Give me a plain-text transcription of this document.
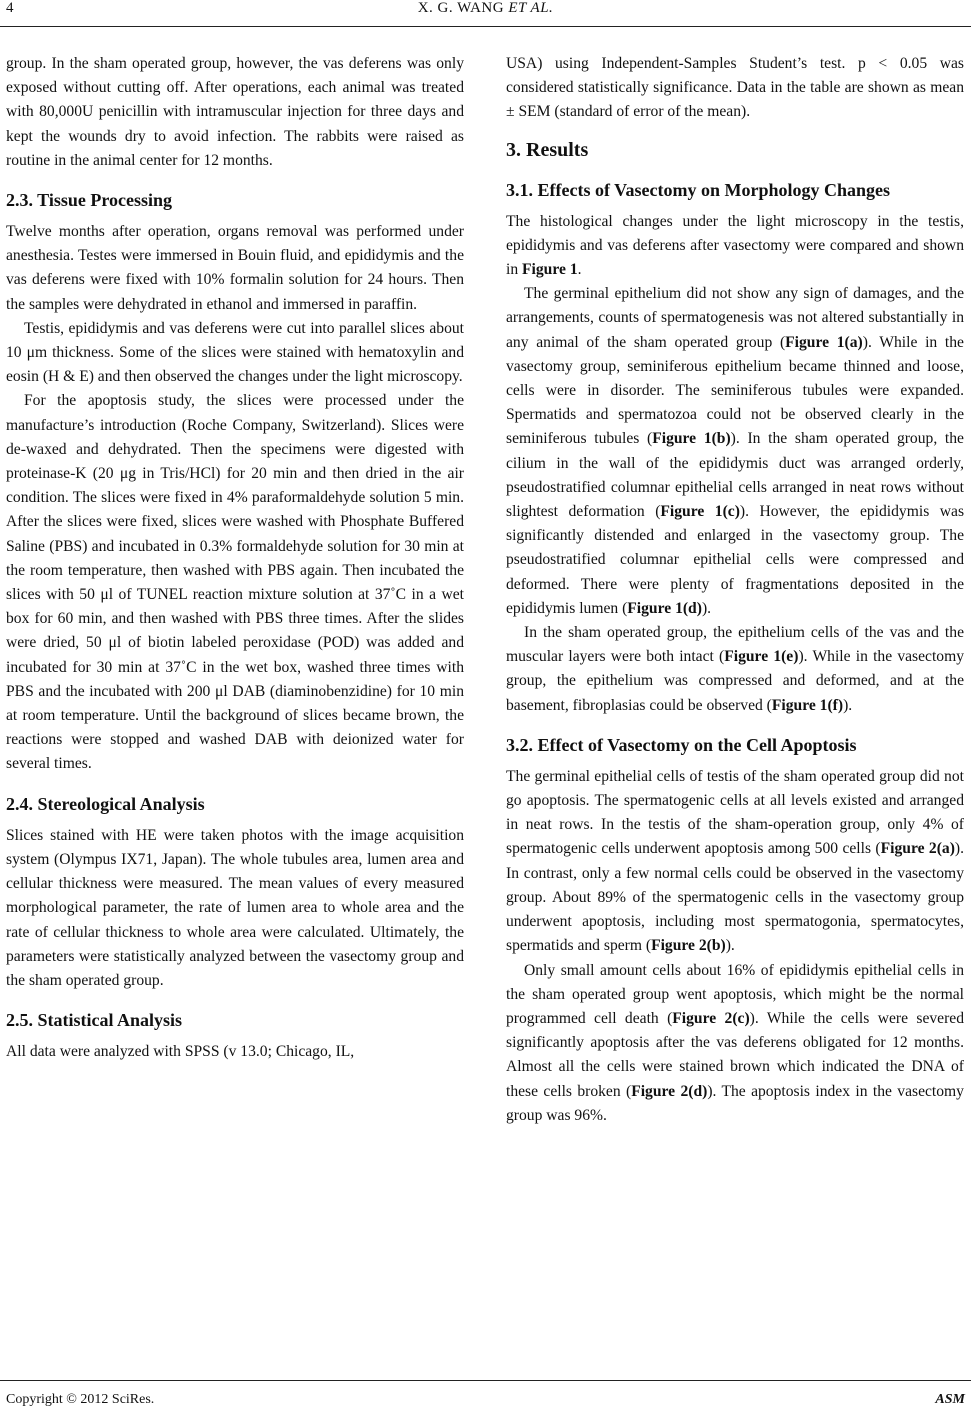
4	X. G. WANG ET AL.

group. In the sham operated group, however, the vas deferens was only exposed without cutting off. After operations, each animal was treated with 80,000U penicillin with intramuscular injection for three days and kept the wounds dry to avoid infection. The rabbits were raised as routine in the animal center for 12 months.

2.3. Tissue Processing

Twelve months after operation, organs removal was performed under anesthesia. Testes were immersed in Bouin fluid, and epididymis and the vas deferens were fixed with 10% formalin solution for 24 hours. Then the samples were dehydrated in ethanol and immersed in paraffin.

Testis, epididymis and vas deferens were cut into parallel slices about 10 μm thickness. Some of the slices were stained with hematoxylin and eosin (H & E) and then observed the changes under the light microscopy.

For the apoptosis study, the slices were processed under the manufacture’s introduction (Roche Company, Switzerland). Slices were de-waxed and dehydrated. Then the specimens were digested with proteinase-K (20 μg in Tris/HCl) for 20 min and then dried in the air condition. The slices were fixed in 4% paraformaldehyde solution 5 min. After the slices were fixed, slices were washed with Phosphate Buffered Saline (PBS) and incubated in 0.3% formaldehyde solution for 30 min at the room temperature, then washed with PBS again. Then incubated the slices with 50 μl of TUNEL reaction mixture solution at 37˚C in a wet box for 60 min, and then washed with PBS three times. After the slides were dried, 50 μl of biotin labeled peroxidase (POD) was added and incubated for 30 min at 37˚C in the wet box, washed three times with PBS and the incubated with 200 μl DAB (diaminobenzidine) for 10 min at room temperature. Until the background of slices became brown, the reactions were stopped and washed DAB with deionized water for several times.

2.4. Stereological Analysis

Slices stained with HE were taken photos with the image acquisition system (Olympus IX71, Japan). The whole tubules area, lumen area and cellular thickness were measured. The mean values of every measured morphological parameter, the rate of lumen area to whole area and the rate of cellular thickness to whole area were calculated. Ultimately, the parameters were statistically analyzed between the vasectomy group and the sham operated group.

2.5. Statistical Analysis

All data were analyzed with SPSS (v 13.0; Chicago, IL,

USA) using Independent-Samples Student’s test. p < 0.05 was considered statistically significance. Data in the table are shown as mean ± SEM (standard of error of the mean).

3. Results
3.1. Effects of Vasectomy on Morphology Changes

The histological changes under the light microscopy in the testis, epididymis and vas deferens after vasectomy were compared and shown in Figure 1.

The germinal epithelium did not show any sign of damages, and the arrangements, counts of spermatogenesis was not altered substantially in any animal of the sham operated group (Figure 1(a)). While in the vasectomy group, seminiferous epithelium became thinned and loose, cells were in disorder. The seminiferous tubules were expanded. Spermatids and spermatozoa could not be observed clearly in the seminiferous tubules (Figure 1(b)). In the sham operated group, the cilium in the wall of the epididymis duct was arranged orderly, pseudostratified columnar epithelial cells arranged in neat rows without slightest deformation (Figure 1(c)). However, the epididymis was significantly distended and enlarged in the vasectomy group. The pseudostratified columnar epithelial cells were compressed and deformed. There were plenty of fragmentations deposited in the epididymis lumen (Figure 1(d)).

In the sham operated group, the epithelium cells of the vas and the muscular layers were both intact (Figure 1(e)). While in the vasectomy group, the epithelium was compressed and deformed, and at the basement, fibroplasias could be observed (Figure 1(f)).

3.2. Effect of Vasectomy on the Cell Apoptosis

The germinal epithelial cells of testis of the sham operated group did not go apoptosis. The spermatogenic cells at all levels existed and arranged in neat rows. In the testis of the sham-operation group, only 4% of spermatogenic cells underwent apoptosis among 500 cells (Figure 2(a)). In contrast, only a few normal cells could be observed in the vasectomy group. About 89% of the spermatogenic cells in the vasectomy group underwent apoptosis, including most spermatogonia, spermatocytes, spermatids and sperm (Figure 2(b)).

Only small amount cells about 16% of epididymis epithelial cells in the sham operated group went apoptosis, which might be the normal programmed cell death (Figure 2(c)). While the cells were severed significantly apoptosis after the vas deferens obligated for 12 months. Almost all the cells were stained brown which indicated the DNA of these cells broken (Figure 2(d)). The apoptosis index in the vasectomy group was 96%.

Copyright © 2012 SciRes.	ASM
